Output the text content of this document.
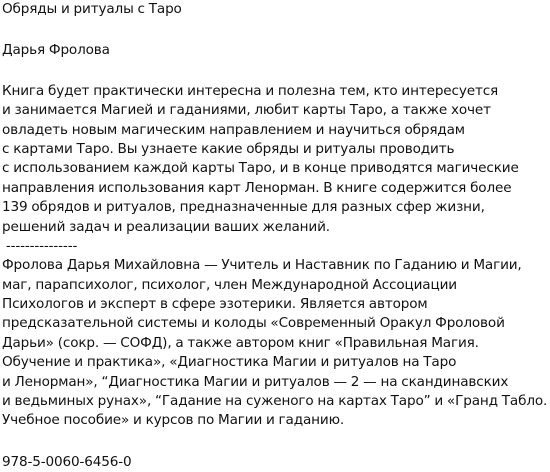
Обряды и ритуалы с Таро
Дарья Фролова
Книга будет практически интересна и полезна тем, кто интересуется
и занимается Магией и гаданиями, любит карты Таро, а также хочет
овладеть новым магическим направлением и научиться обрядам
с картами Таро. Вы узнаете какие обряды и ритуалы проводить
с использованием каждой карты Таро, и в конце приводятся магические
направления использования карт Ленорман. В книге содержится более
139 обрядов и ритуалов, предназначенные для разных сфер жизни,
решений задач и реализации ваших желаний.
---------------
Фролова Дарья Михайловна — Учитель и Наставник по Гаданию и Магии,
маг, парапсихолог, психолог, член Международной Ассоциации
Психологов и эксперт в сфере эзотерики. Является автором
предсказательной системы и колоды «Современный Оракул Фроловой
Дарьи» (сокр. — СОФД), а также автором книг «Правильная Магия.
Обучение и практика», «Диагностика Магии и ритуалов на Таро
и Ленорман», “Диагностика Магии и ритуалов — 2 — на скандинавских
и ведьминых рунах», “Гадание на суженого на картах Таро” и «Гранд Табло.
Учебное пособие» и курсов по Магии и гаданию.
978-5-0060-6456-0
